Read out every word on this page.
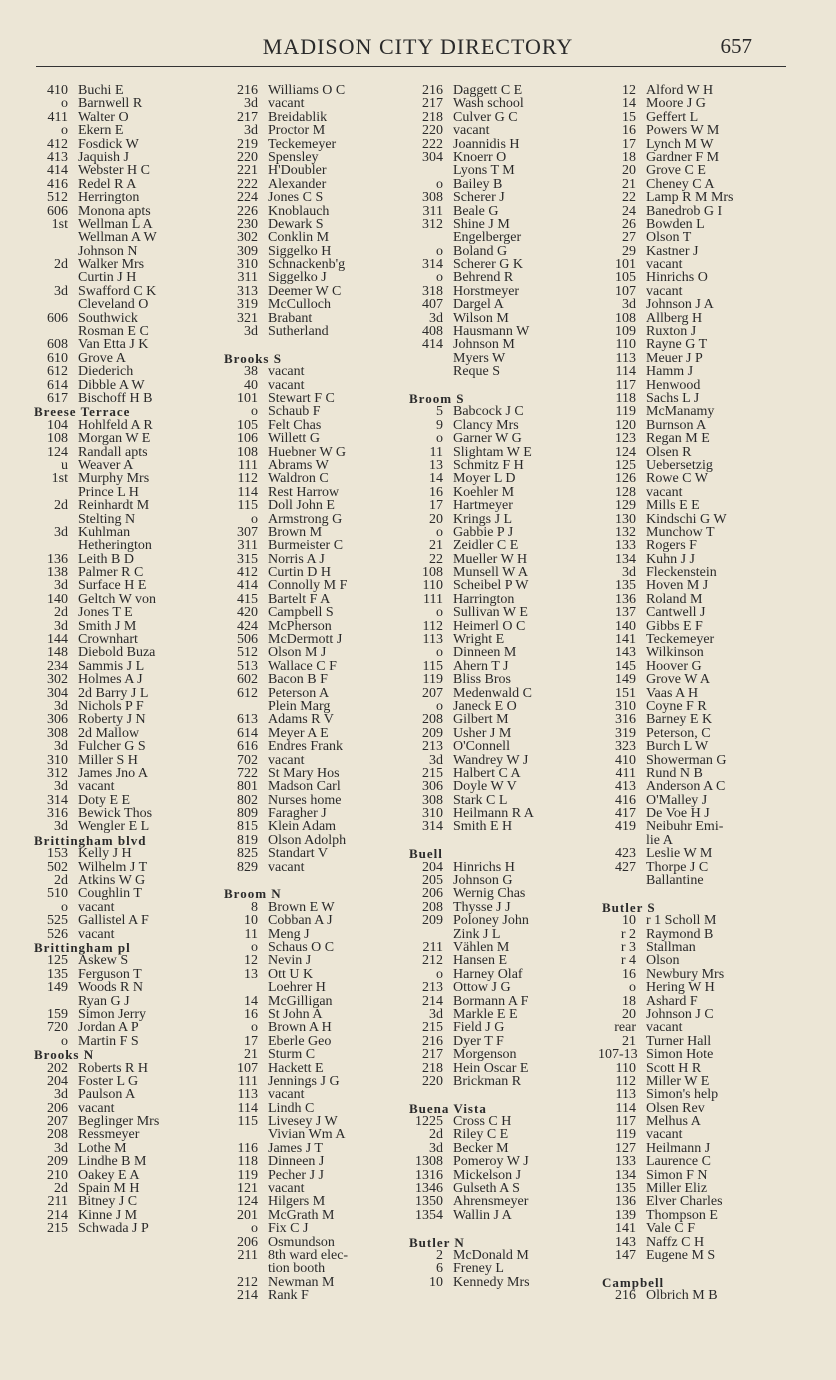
MADISON CITY DIRECTORY	657
410 Buchi E
o Barnwell R
411 Walter O
o Ekern E
412 Fosdick W
413 Jaquish J
414 Webster H C
416 Redel R A
512 Herrington
606 Monona apts
1st Wellman L A
Wellman A W
Johnson N
2d Walker Mrs
Curtin J H
3d Swafford C K
Cleveland O
606 Southwick
Rosman E C
608 Van Etta J K
610 Grove A
612 Diederich
614 Dibble A W
617 Bischoff H B
Breese Terrace
104 Hohlfeld A R
108 Morgan W E
124 Randall apts
u Weaver A
1st Murphy Mrs
Prince L H
2d Reinhardt M
Stelting N
3d Kuhlman
Hetherington
136 Leith B D
138 Palmer R C
3d Surface H E
140 Geltch W von
2d Jones T E
3d Smith J M
144 Crownhart
148 Diebold Buza
234 Sammis J L
302 Holmes A J
304 2d Barry J L
3d Nichols P F
306 Roberty J N
308 2d Mallow
3d Fulcher G S
310 Miller S H
312 James Jno A
3d vacant
314 Doty E E
316 Bewick Thos
3d Wengler E L
Brittingham blvd
153 Kelly J H
502 Wilhelm J T
2d Atkins W G
510 Coughlin T
o vacant
525 Gallistel A F
526 vacant
Brittingham pl
125 Askew S
135 Ferguson T
149 Woods R N
Ryan G J
159 Simon Jerry
720 Jordan A P
o Martin F S
Brooks N
202 Roberts R H
204 Foster L G
3d Paulson A
206 vacant
207 Beglinger Mrs
208 Ressmeyer
3d Lothe M
209 Lindhe B M
210 Oakey E A
2d Spain M H
211 Bitney J C
214 Kinne J M
215 Schwada J P
216 Williams O C
3d vacant
217 Breidablik
3d Proctor M
219 Teckemeyer
220 Spensley
221 H'Doubler
222 Alexander
224 Jones C S
226 Knoblauch
230 Dewark S
302 Conklin M
309 Siggelko H
310 Schnackenb'g
311 Siggelko J
313 Deemer W C
319 McCulloch
321 Brabant
3d Sutherland
Brooks S
38 vacant
40 vacant
101 Stewart F C
o Schaub F
105 Felt Chas
106 Willett G
108 Huebner W G
111 Abrams W
112 Waldron C
114 Rest Harrow
115 Doll John E
o Armstrong G
307 Brown M
311 Burmeister C
315 Norris A J
412 Curtin D H
414 Connolly M F
415 Bartelt F A
420 Campbell S
424 McPherson
506 McDermott J
512 Olson M J
513 Wallace C F
602 Bacon B F
612 Peterson A
Plein Marg
613 Adams R V
614 Meyer A E
616 Endres Frank
702 vacant
722 St Mary Hos
801 Madson Carl
802 Nurses home
809 Faragher J
815 Klein Adam
819 Olson Adolph
825 Standart V
829 vacant
Broom N
8 Brown E W
10 Cobban A J
11 Meng J
o Schaus O C
12 Nevin J
13 Ott U K
Loehrer H
14 McGilligan
16 St John A
o Brown A H
17 Eberle Geo
21 Sturm C
107 Hackett E
111 Jennings J G
113 vacant
114 Lindh C
115 Livesey J W
Vivian Wm A
116 James J T
118 Dinneen J
119 Pecher J J
121 vacant
124 Hilgers M
201 McGrath M
o Fix C J
206 Osmundson
211 8th ward elec-
tion booth
212 Newman M
214 Rank F
216 Daggett C E
217 Wash school
218 Culver G C
220 vacant
222 Joannidis H
304 Knoerr O
Lyons T M
o Bailey B
308 Scherer J
311 Beale G
312 Shine J M
Engelberger
o Boland G
314 Scherer G K
o Behrend R
318 Horstmeyer
407 Dargel A
3d Wilson M
408 Hausmann W
414 Johnson M
Myers W
Reque S
Broom S
5 Babcock J C
9 Clancy Mrs
o Garner W G
11 Slightam W E
13 Schmitz F H
14 Moyer L D
16 Koehler M
17 Hartmeyer
20 Krings J L
o Gabbie P J
21 Zeidler C E
22 Mueller W H
108 Munsell W A
110 Scheibel P W
111 Harrington
o Sullivan W E
112 Heimerl O C
113 Wright E
o Dinneen M
115 Ahern T J
119 Bliss Bros
207 Medenwald C
o Janeck E O
208 Gilbert M
209 Usher J M
213 O'Connell
3d Wandrey W J
215 Halbert C A
306 Doyle W V
308 Stark C L
310 Heilmann R A
314 Smith E H
Buell
204 Hinrichs H
205 Johnson G
206 Wernig Chas
208 Thysse J J
209 Poloney John
Zink J L
211 Vählen M
212 Hansen E
o Harney Olaf
213 Ottow J G
214 Bormann A F
3d Markle E E
215 Field J G
216 Dyer T F
217 Morgenson
218 Hein Oscar E
220 Brickman R
Buena Vista
1225 Cross C H
2d Riley C E
3d Becker M
1308 Pomeroy W J
1316 Mickelson J
1346 Gulseth A S
1350 Ahrensmeyer
1354 Wallin J A
Butler N
2 McDonald M
6 Freney L
10 Kennedy Mrs
12 Alford W H
14 Moore J G
15 Geffert L
16 Powers W M
17 Lynch M W
18 Gardner F M
20 Grove C E
21 Cheney C A
22 Lamp R M Mrs
24 Banedrob G I
26 Bowden L
27 Olson T
29 Kastner J
101 vacant
105 Hinrichs O
107 vacant
3d Johnson J A
108 Allberg H
109 Ruxton J
110 Rayne G T
113 Meuer J P
114 Hamm J
117 Henwood
118 Sachs L J
119 McManamy
120 Burnson A
123 Regan M E
124 Olsen R
125 Uebersetzig
126 Rowe C W
128 vacant
129 Mills E E
130 Kindschi G W
132 Munchow T
133 Rogers F
134 Kuhn J J
3d Fleckenstein
135 Hoven M J
136 Roland M
137 Cantwell J
140 Gibbs E F
141 Teckemeyer
143 Wilkinson
145 Hoover G
149 Grove W A
151 Vaas A H
310 Coyne F R
316 Barney E K
319 Peterson, C
323 Burch L W
410 Showerman G
411 Rund N B
413 Anderson A C
416 O'Malley J
417 De Voe H J
419 Neibuhr Emi-
lie A
423 Leslie W M
427 Thorpe J C
Ballantine
Butler S
10 r 1 Scholl M
r 2 Raymond B
r 3 Stallman
r 4 Olson
16 Newbury Mrs
o Hering W H
18 Ashard F
20 Johnson J C
rear vacant
21 Turner Hall
107-13 Simon Hote
110 Scott H R
112 Miller W E
113 Simon's help
114 Olsen Rev
117 Melhus A
119 vacant
127 Heilmann J
133 Laurence C
134 Simon F N
135 Miller Eliz
136 Elver Charles
139 Thompson E
141 Vale C F
143 Naffz C H
147 Eugene M S
Campbell
216 Olbrich M B
